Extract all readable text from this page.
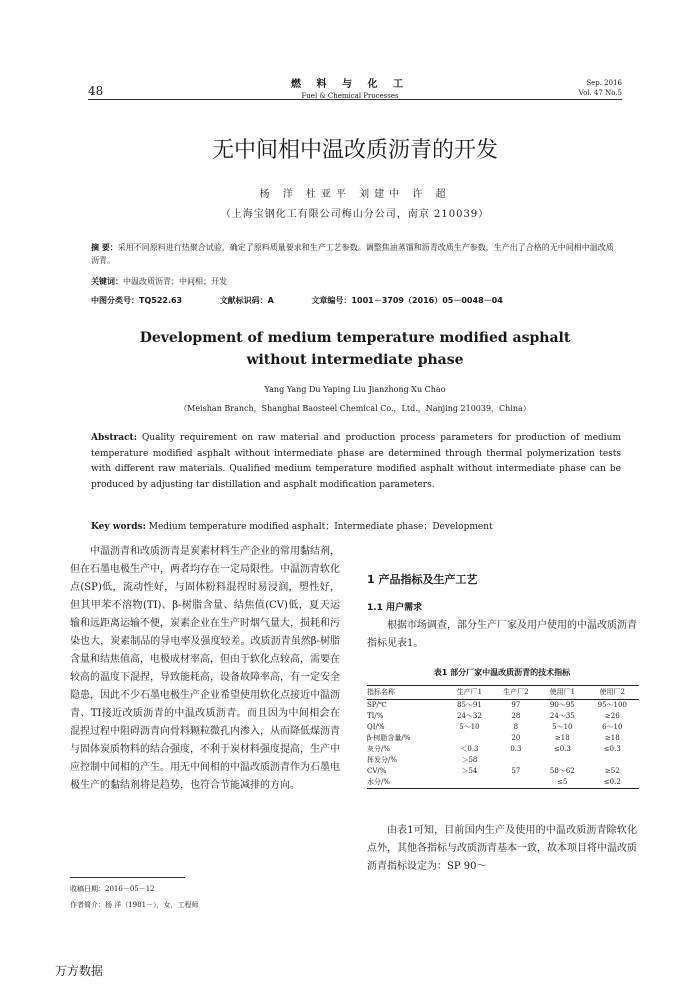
48	燃 料 与 化 工
Fuel & Chemical Processes
Sep. 2016
Vol. 47 No.5
无中间相中温改质沥青的开发
杨 洋 杜亚平 刘建中 许 超
（上海宝钢化工有限公司梅山分公司，南京 210039）
摘 要：采用不同原料进行热聚合试验，确定了原料质量要求和生产工艺参数。调整焦油蒸馏和沥青改质生产参数，生产出了合格的无中间相中温改质沥青。
关键词：中温改质沥青；中间相；开发
中图分类号：TQ522.63	文献标识码：A	文章编号：1001－3709（2016）05－0048－04
Development of medium temperature modified asphalt
without intermediate phase
Yang Yang Du Yaping Liu Jianzhong Xu Chao
（Meishan Branch，Shanghai Baosteel Chemical Co.，Ltd.，Nanjing 210039，China）
Abstract: Quality requirement on raw material and production process parameters for production of medium temperature modified asphalt without intermediate phase are determined through thermal polymerization tests with different raw materials. Qualified medium temperature modified asphalt without intermediate phase can be produced by adjusting tar distillation and asphalt modification parameters.
Key words: Medium temperature modified asphalt；Intermediate phase；Development

中温沥青和改质沥青是炭素材料生产企业的常用黏结剂，但在石墨电极生产中，两者均存在一定局限性。中温沥青软化点(SP)低，流动性好，与固体粉料混捏时易浸润，塑性好，但其甲苯不溶物(TI)、β-树脂含量、结焦值(CV)低，夏天运输和远距离运输不便，炭素企业在生产时烟气量大，损耗和污染也大，炭素制品的导电率及强度较差。改质沥青虽然β-树脂含量和结焦值高，电极成材率高，但由于软化点较高，需要在较高的温度下混捏，导致能耗高，设备故障率高，有一定安全隐患，因此不少石墨电极生产企业希望使用软化点接近中温沥青、TI接近改质沥青的中温改质沥青。而且因为中间相会在混捏过程中阻碍沥青向骨料颗粒微孔内渗入，从而降低煤沥青与固体炭质物料的结合强度，不利于炭材料强度提高，生产中应控制中间相的产生。用无中间相的中温改质沥青作为石墨电极生产的黏结剂将是趋势，也符合节能减排的方向。

收稿日期：2016－05－12
作者简介：杨 洋（1981－），女，工程师
1 产品指标及生产工艺
1.1 用户需求

根据市场调查，部分生产厂家及用户使用的中温改质沥青指标见表1。

表1 部分厂家中温改质沥青的技术指标
指标名称	生产厂1	生产厂2	使用厂1	使用厂2
SP/℃	85～91	97	90～95	95～100
TI/%	24～32	28	24～35	≥26
QI/%	5～10	8	5～10	6～10
β-树脂含量/%		20	≥18	≥18
灰分/%	＜0.3	0.3	≤0.3	≤0.3
挥发分/%	＞58			
CV/%	＞54	57	58～62	≥52
水分/%			≤5	≤0.2

由表1可知，目前国内生产及使用的中温改质沥青除软化点外，其他各指标与改质沥青基本一致，故本项目将中温改质沥青指标设定为：SP 90～

万方数据
